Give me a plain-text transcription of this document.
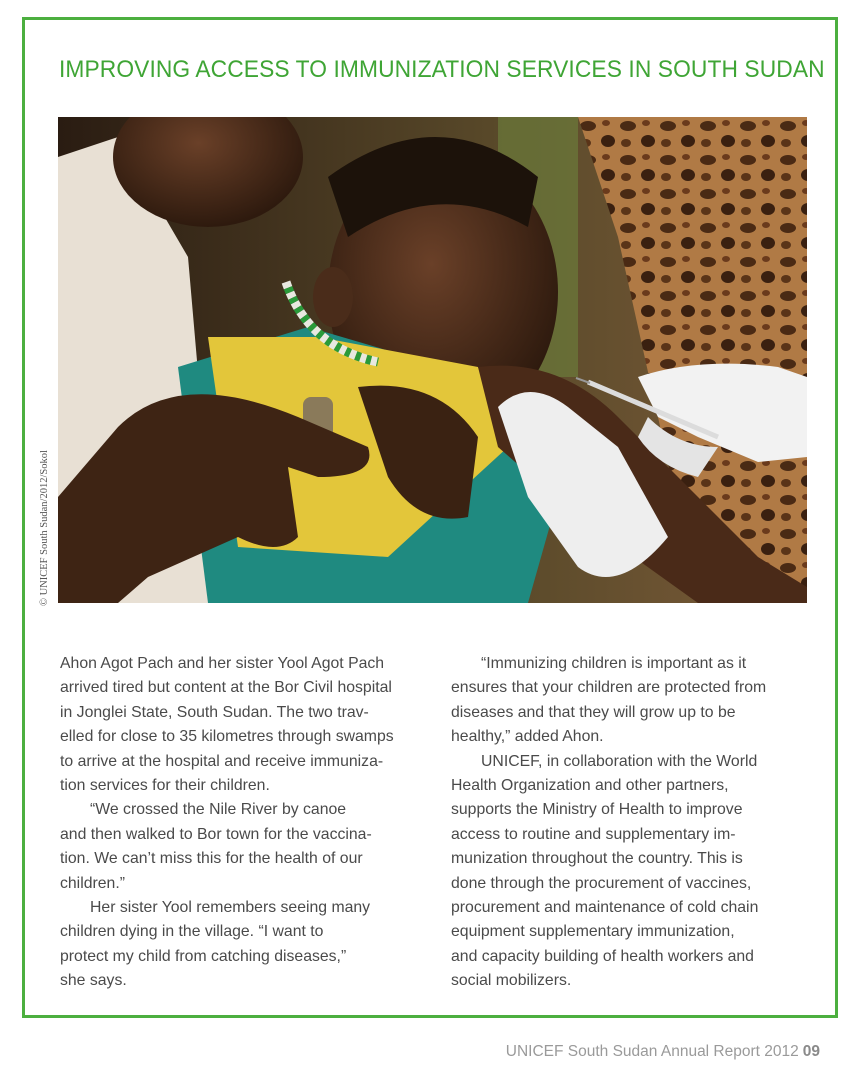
IMPROVING ACCESS TO IMMUNIZATION SERVICES IN SOUTH SUDAN
© UNICEF South Sudan/2012/Sokol

Ahon Agot Pach and her sister Yool Agot Pach
arrived tired but content at the Bor Civil hospital
in Jonglei State, South Sudan. The two trav-
elled for close to 35 kilometres through swamps
to arrive at the hospital and receive immuniza-
tion services for their children.

“We crossed the Nile River by canoe
and then walked to Bor town for the vaccina-
tion. We can’t miss this for the health of our
children.”

Her sister Yool remembers seeing many
children dying in the village. “I want to
protect my child from catching diseases,”
she says.

“Immunizing children is important as it
ensures that your children are protected from
diseases and that they will grow up to be
healthy,” added Ahon.

UNICEF, in collaboration with the World
Health Organization and other partners,
supports the Ministry of Health to improve
access to routine and supplementary im-
munization throughout the country. This is
done through the procurement of vaccines,
procurement and maintenance of cold chain
equipment supplementary immunization,
and capacity building of health workers and
social mobilizers.

UNICEF South Sudan Annual Report 2012 09
